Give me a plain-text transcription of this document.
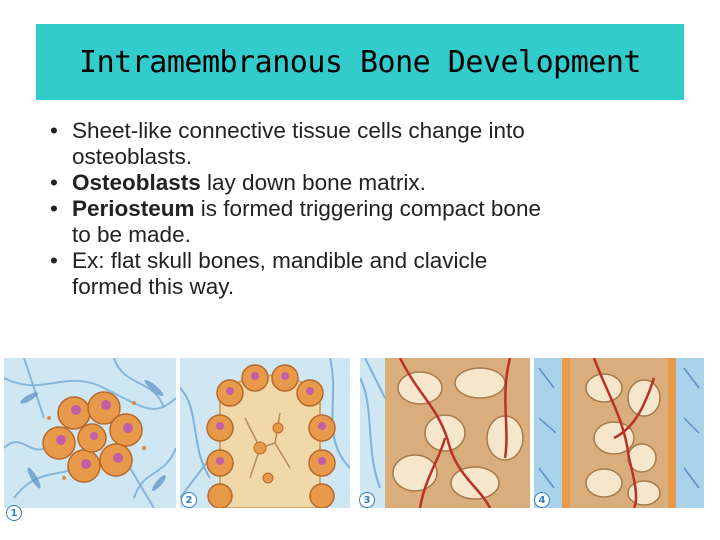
Intramembranous Bone Development
• Sheet-like connective tissue cells change into
osteoblasts.
• Osteoblasts lay down bone matrix.
• Periosteum is formed triggering compact bone
to be made.
• Ex: flat skull bones, mandible and clavicle
formed this way.
1
2	3	4
